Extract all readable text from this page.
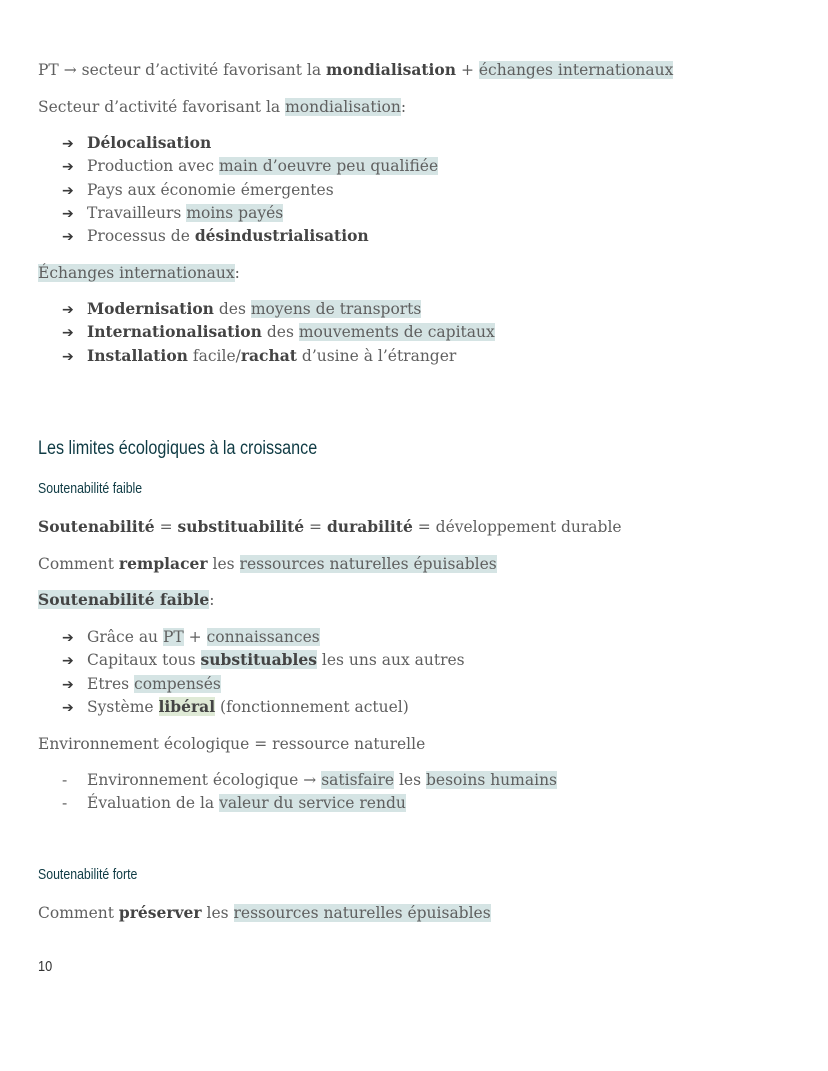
PT → secteur d’activité favorisant la mondialisation + échanges internationaux

Secteur d’activité favorisant la mondialisation:

➔ Délocalisation
➔ Production avec main d’oeuvre peu qualifiée
➔ Pays aux économie émergentes
➔ Travailleurs moins payés
➔ Processus de désindustrialisation

Échanges internationaux:

➔ Modernisation des moyens de transports
➔ Internationalisation des mouvements de capitaux
➔ Installation facile/rachat d’usine à l’étranger
Les limites écologiques à la croissance
Soutenabilité faible

Soutenabilité = substituabilité = durabilité = développement durable

Comment remplacer les ressources naturelles épuisables

Soutenabilité faible:

➔ Grâce au PT + connaissances
➔ Capitaux tous substituables les uns aux autres
➔ Etres compensés
➔ Système libéral (fonctionnement actuel)

Environnement écologique = ressource naturelle

- Environnement écologique → satisfaire les besoins humains
- Évaluation de la valeur du service rendu
Soutenabilité forte

Comment préserver les ressources naturelles épuisables

10
